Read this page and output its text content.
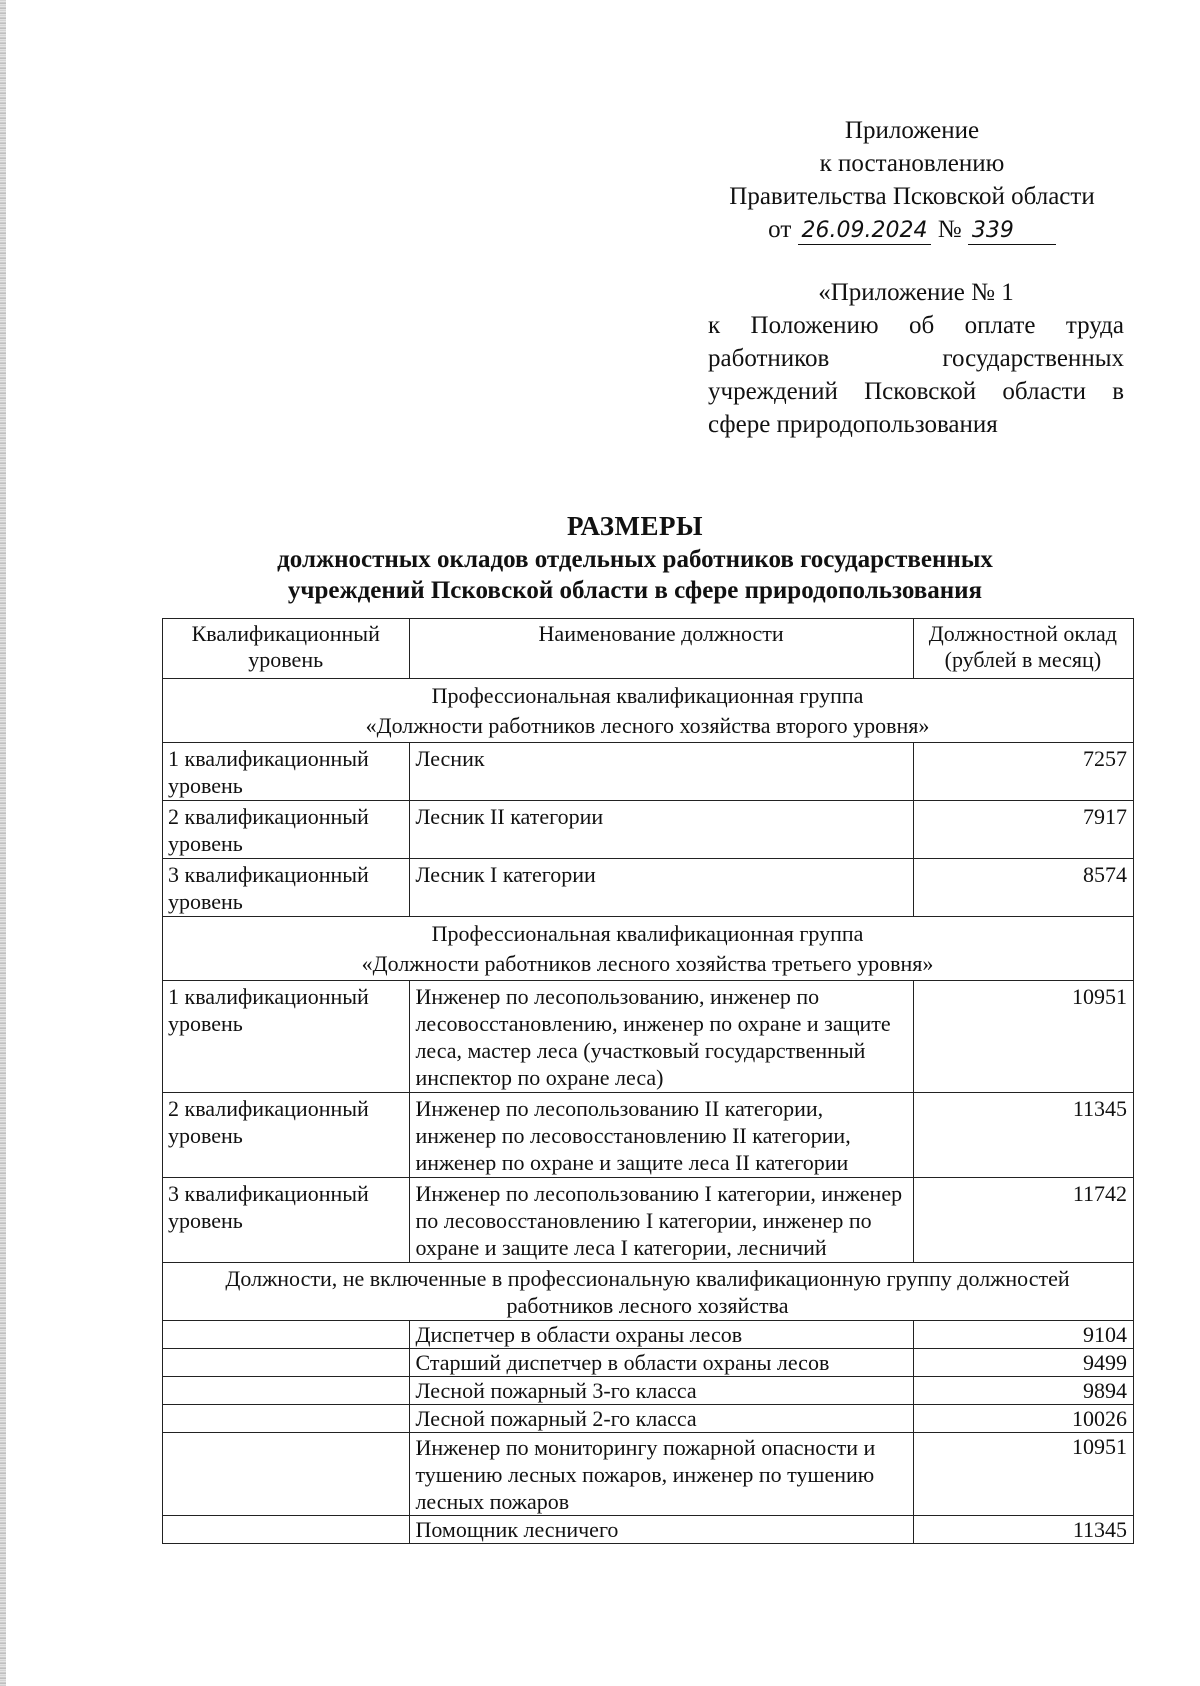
Приложение
к постановлению
Правительства Псковской области
от 26.09.2024 № 339
«Приложение № 1
к Положению об оплате труда работников государственных учреждений Псковской области в сфере природопользования
РАЗМЕРЫ
должностных окладов отдельных работников государственных
учреждений Псковской области в сфере природопользования
Квалификационный уровень	Наименование должности	Должностной оклад (рублей в месяц)

Профессиональная квалификационная группа
«Должности работников лесного хозяйства второго уровня»		

1 квалификационный уровень	Лесник	7257
2 квалификационный уровень	Лесник II категории	7917
3 квалификационный уровень	Лесник I категории	8574

Профессиональная квалификационная группа
«Должности работников лесного хозяйства третьего уровня»		

1 квалификационный уровень	Инженер по лесопользованию, инженер по лесовосстановлению, инженер по охране и защите леса, мастер леса (участковый государственный инспектор по охране леса)	10951
2 квалификационный уровень	Инженер по лесопользованию II категории, инженер по лесовосстановлению II категории, инженер по охране и защите леса II категории	11345
3 квалификационный уровень	Инженер по лесопользованию I категории, инженер по лесовосстановлению I категории, инженер по охране и защите леса I категории, лесничий	11742

Должности, не включенные в профессиональную квалификационную группу должностей
работников лесного хозяйства		

	Диспетчер в области охраны лесов	9104
	Старший диспетчер в области охраны лесов	9499
	Лесной пожарный 3-го класса	9894
	Лесной пожарный 2-го класса	10026
	Инженер по мониторингу пожарной опасности и тушению лесных пожаров, инженер по тушению лесных пожаров	10951
	Помощник лесничего	11345
